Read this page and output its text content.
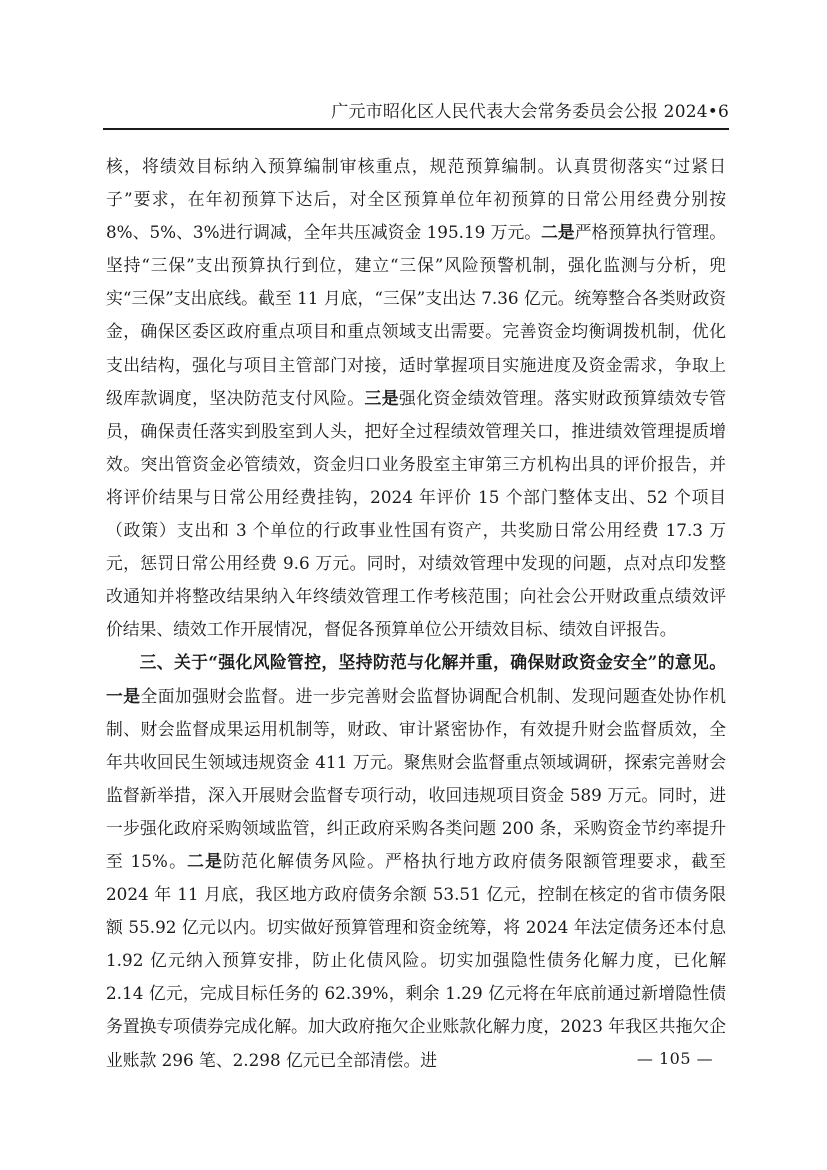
广元市昭化区人民代表大会常务委员会公报 2024•6

核，将绩效目标纳入预算编制审核重点，规范预算编制。认真贯彻落实“过紧日子”要求，在年初预算下达后，对全区预算单位年初预算的日常公用经费分别按 8%、5%、3%进行调减，全年共压减资金 195.19 万元。二是严格预算执行管理。坚持“三保”支出预算执行到位，建立“三保”风险预警机制，强化监测与分析，兜实“三保”支出底线。截至 11 月底，“三保”支出达 7.36 亿元。统筹整合各类财政资金，确保区委区政府重点项目和重点领域支出需要。完善资金均衡调拨机制，优化支出结构，强化与项目主管部门对接，适时掌握项目实施进度及资金需求，争取上级库款调度，坚决防范支付风险。三是强化资金绩效管理。落实财政预算绩效专管员，确保责任落实到股室到人头，把好全过程绩效管理关口，推进绩效管理提质增效。突出管资金必管绩效，资金归口业务股室主审第三方机构出具的评价报告，并将评价结果与日常公用经费挂钩，2024 年评价 15 个部门整体支出、52 个项目（政策）支出和 3 个单位的行政事业性国有资产，共奖励日常公用经费 17.3 万元，惩罚日常公用经费 9.6 万元。同时，对绩效管理中发现的问题，点对点印发整改通知并将整改结果纳入年终绩效管理工作考核范围；向社会公开财政重点绩效评价结果、绩效工作开展情况，督促各预算单位公开绩效目标、绩效自评报告。

三、关于“强化风险管控，坚持防范与化解并重，确保财政资金安全”的意见。一是全面加强财会监督。进一步完善财会监督协调配合机制、发现问题查处协作机制、财会监督成果运用机制等，财政、审计紧密协作，有效提升财会监督质效，全年共收回民生领域违规资金 411 万元。聚焦财会监督重点领域调研，探索完善财会监督新举措，深入开展财会监督专项行动，收回违规项目资金 589 万元。同时，进一步强化政府采购领域监管，纠正政府采购各类问题 200 条，采购资金节约率提升至 15%。二是防范化解债务风险。严格执行地方政府债务限额管理要求，截至 2024 年 11 月底，我区地方政府债务余额 53.51 亿元，控制在核定的省市债务限额 55.92 亿元以内。切实做好预算管理和资金统筹，将 2024 年法定债务还本付息 1.92 亿元纳入预算安排，防止化债风险。切实加强隐性债务化解力度，已化解 2.14 亿元，完成目标任务的 62.39%，剩余 1.29 亿元将在年底前通过新增隐性债务置换专项债券完成化解。加大政府拖欠企业账款化解力度，2023 年我区共拖欠企业账款 296 笔、2.298 亿元已全部清偿。进	— 105 —
